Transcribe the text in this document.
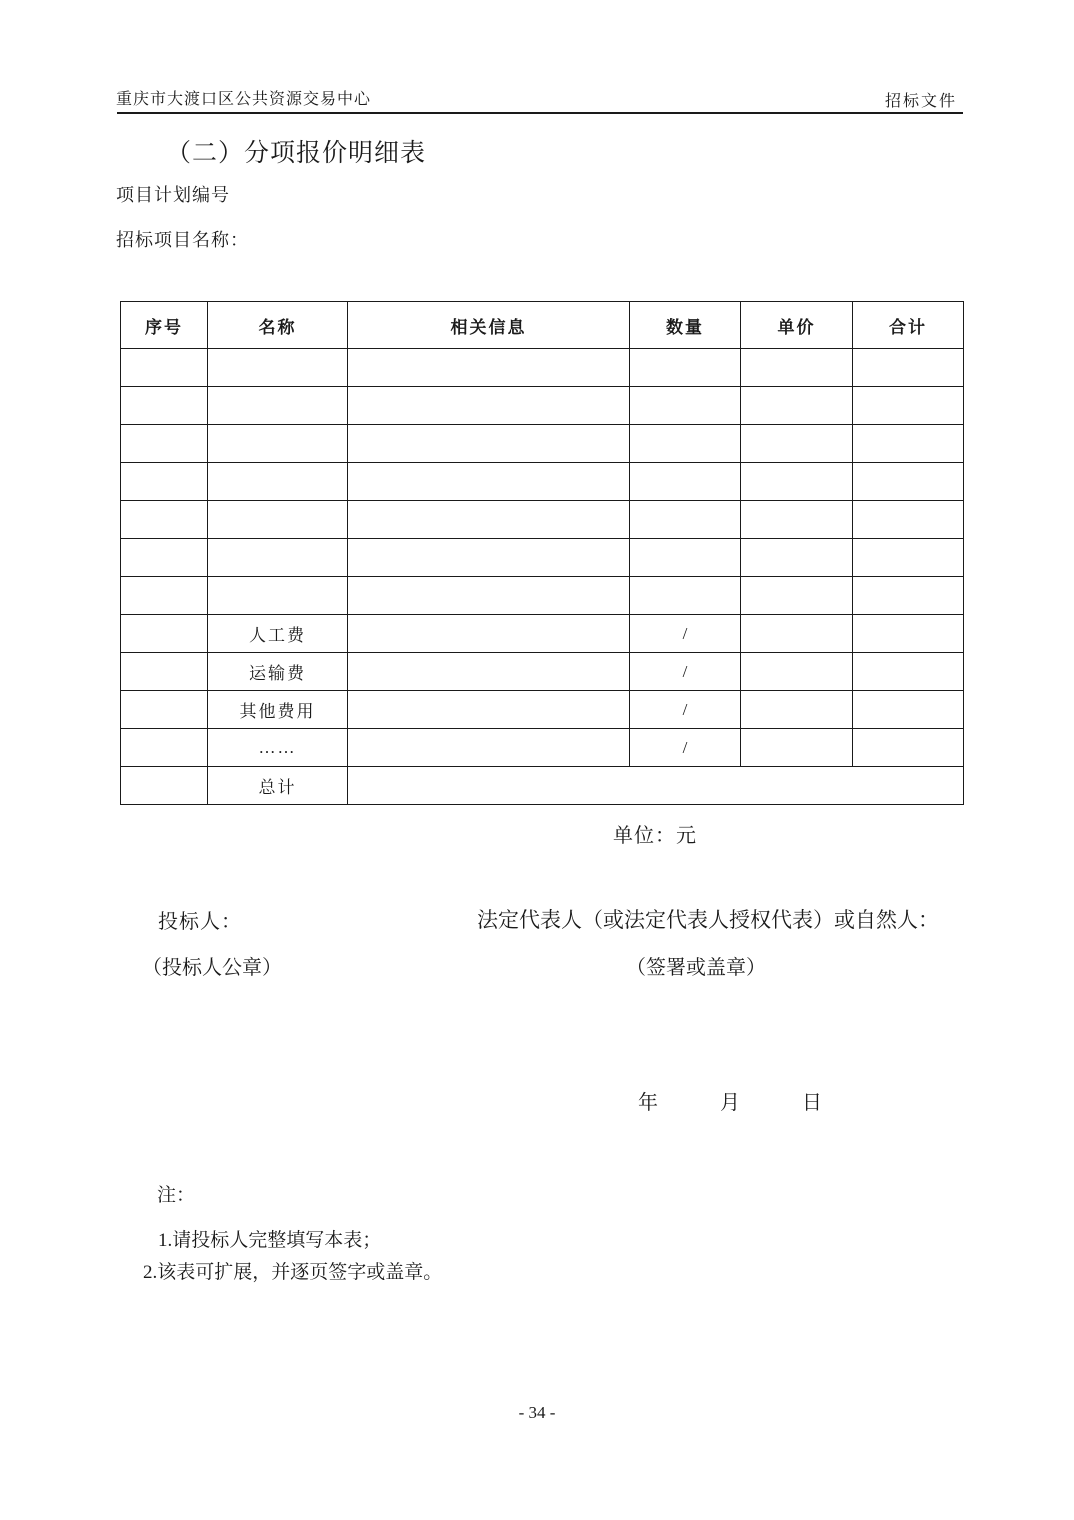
重庆市大渡口区公共资源交易中心	招标文件
（二）分项报价明细表
项目计划编号
招标项目名称：
序号	名称	相关信息	数量	单价	合计

	人工费		/		
	运输费		/		
	其他费用		/		
	……		/		
	总计				
单位：元
投标人：	法定代表人（或法定代表人授权代表）或自然人：
（投标人公章）	（签署或盖章）
年	月	日
注：
1.请投标人完整填写本表；
2.该表可扩展，并逐页签字或盖章。
- 34 -
